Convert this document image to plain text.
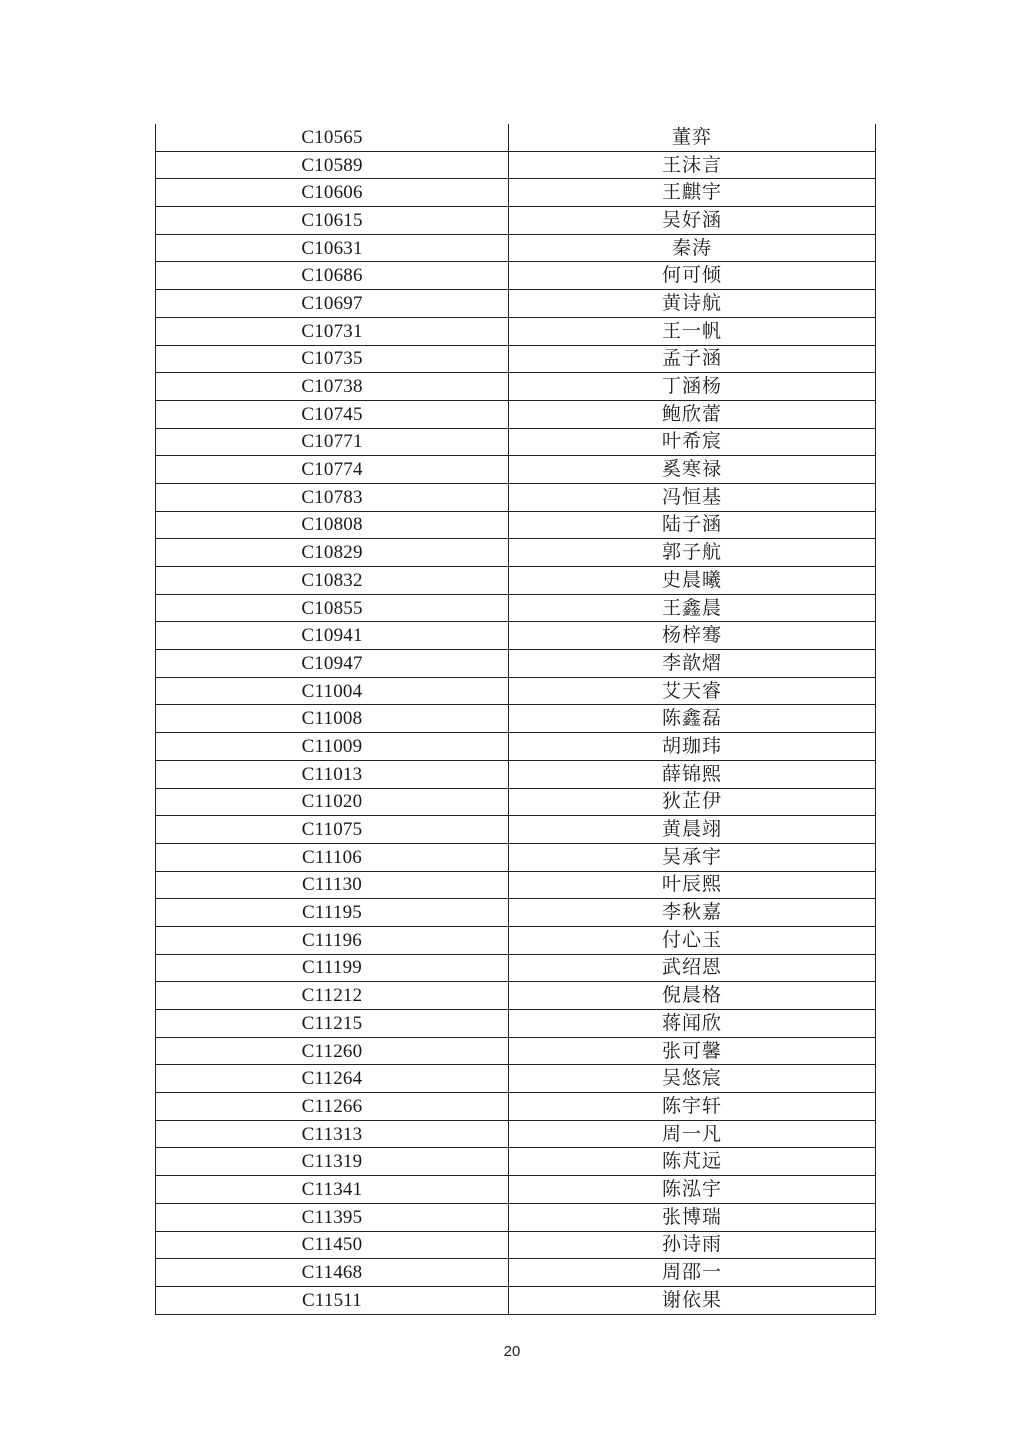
C10565	董弈
C10589	王沫言
C10606	王麒宇
C10615	吴好涵
C10631	秦涛
C10686	何可倾
C10697	黄诗航
C10731	王一帆
C10735	孟子涵
C10738	丁涵杨
C10745	鲍欣蕾
C10771	叶希宸
C10774	奚寒禄
C10783	冯恒基
C10808	陆子涵
C10829	郭子航
C10832	史晨曦
C10855	王鑫晨
C10941	杨梓骞
C10947	李歆熠
C11004	艾天睿
C11008	陈鑫磊
C11009	胡珈玮
C11013	薛锦熙
C11020	狄芷伊
C11075	黄晨翊
C11106	吴承宇
C11130	叶辰熙
C11195	李秋嘉
C11196	付心玉
C11199	武绍恩
C11212	倪晨格
C11215	蒋闻欣
C11260	张可馨
C11264	吴悠宸
C11266	陈宇轩
C11313	周一凡
C11319	陈芃远
C11341	陈泓宇
C11395	张博瑞
C11450	孙诗雨
C11468	周邵一
C11511	谢依果
20
